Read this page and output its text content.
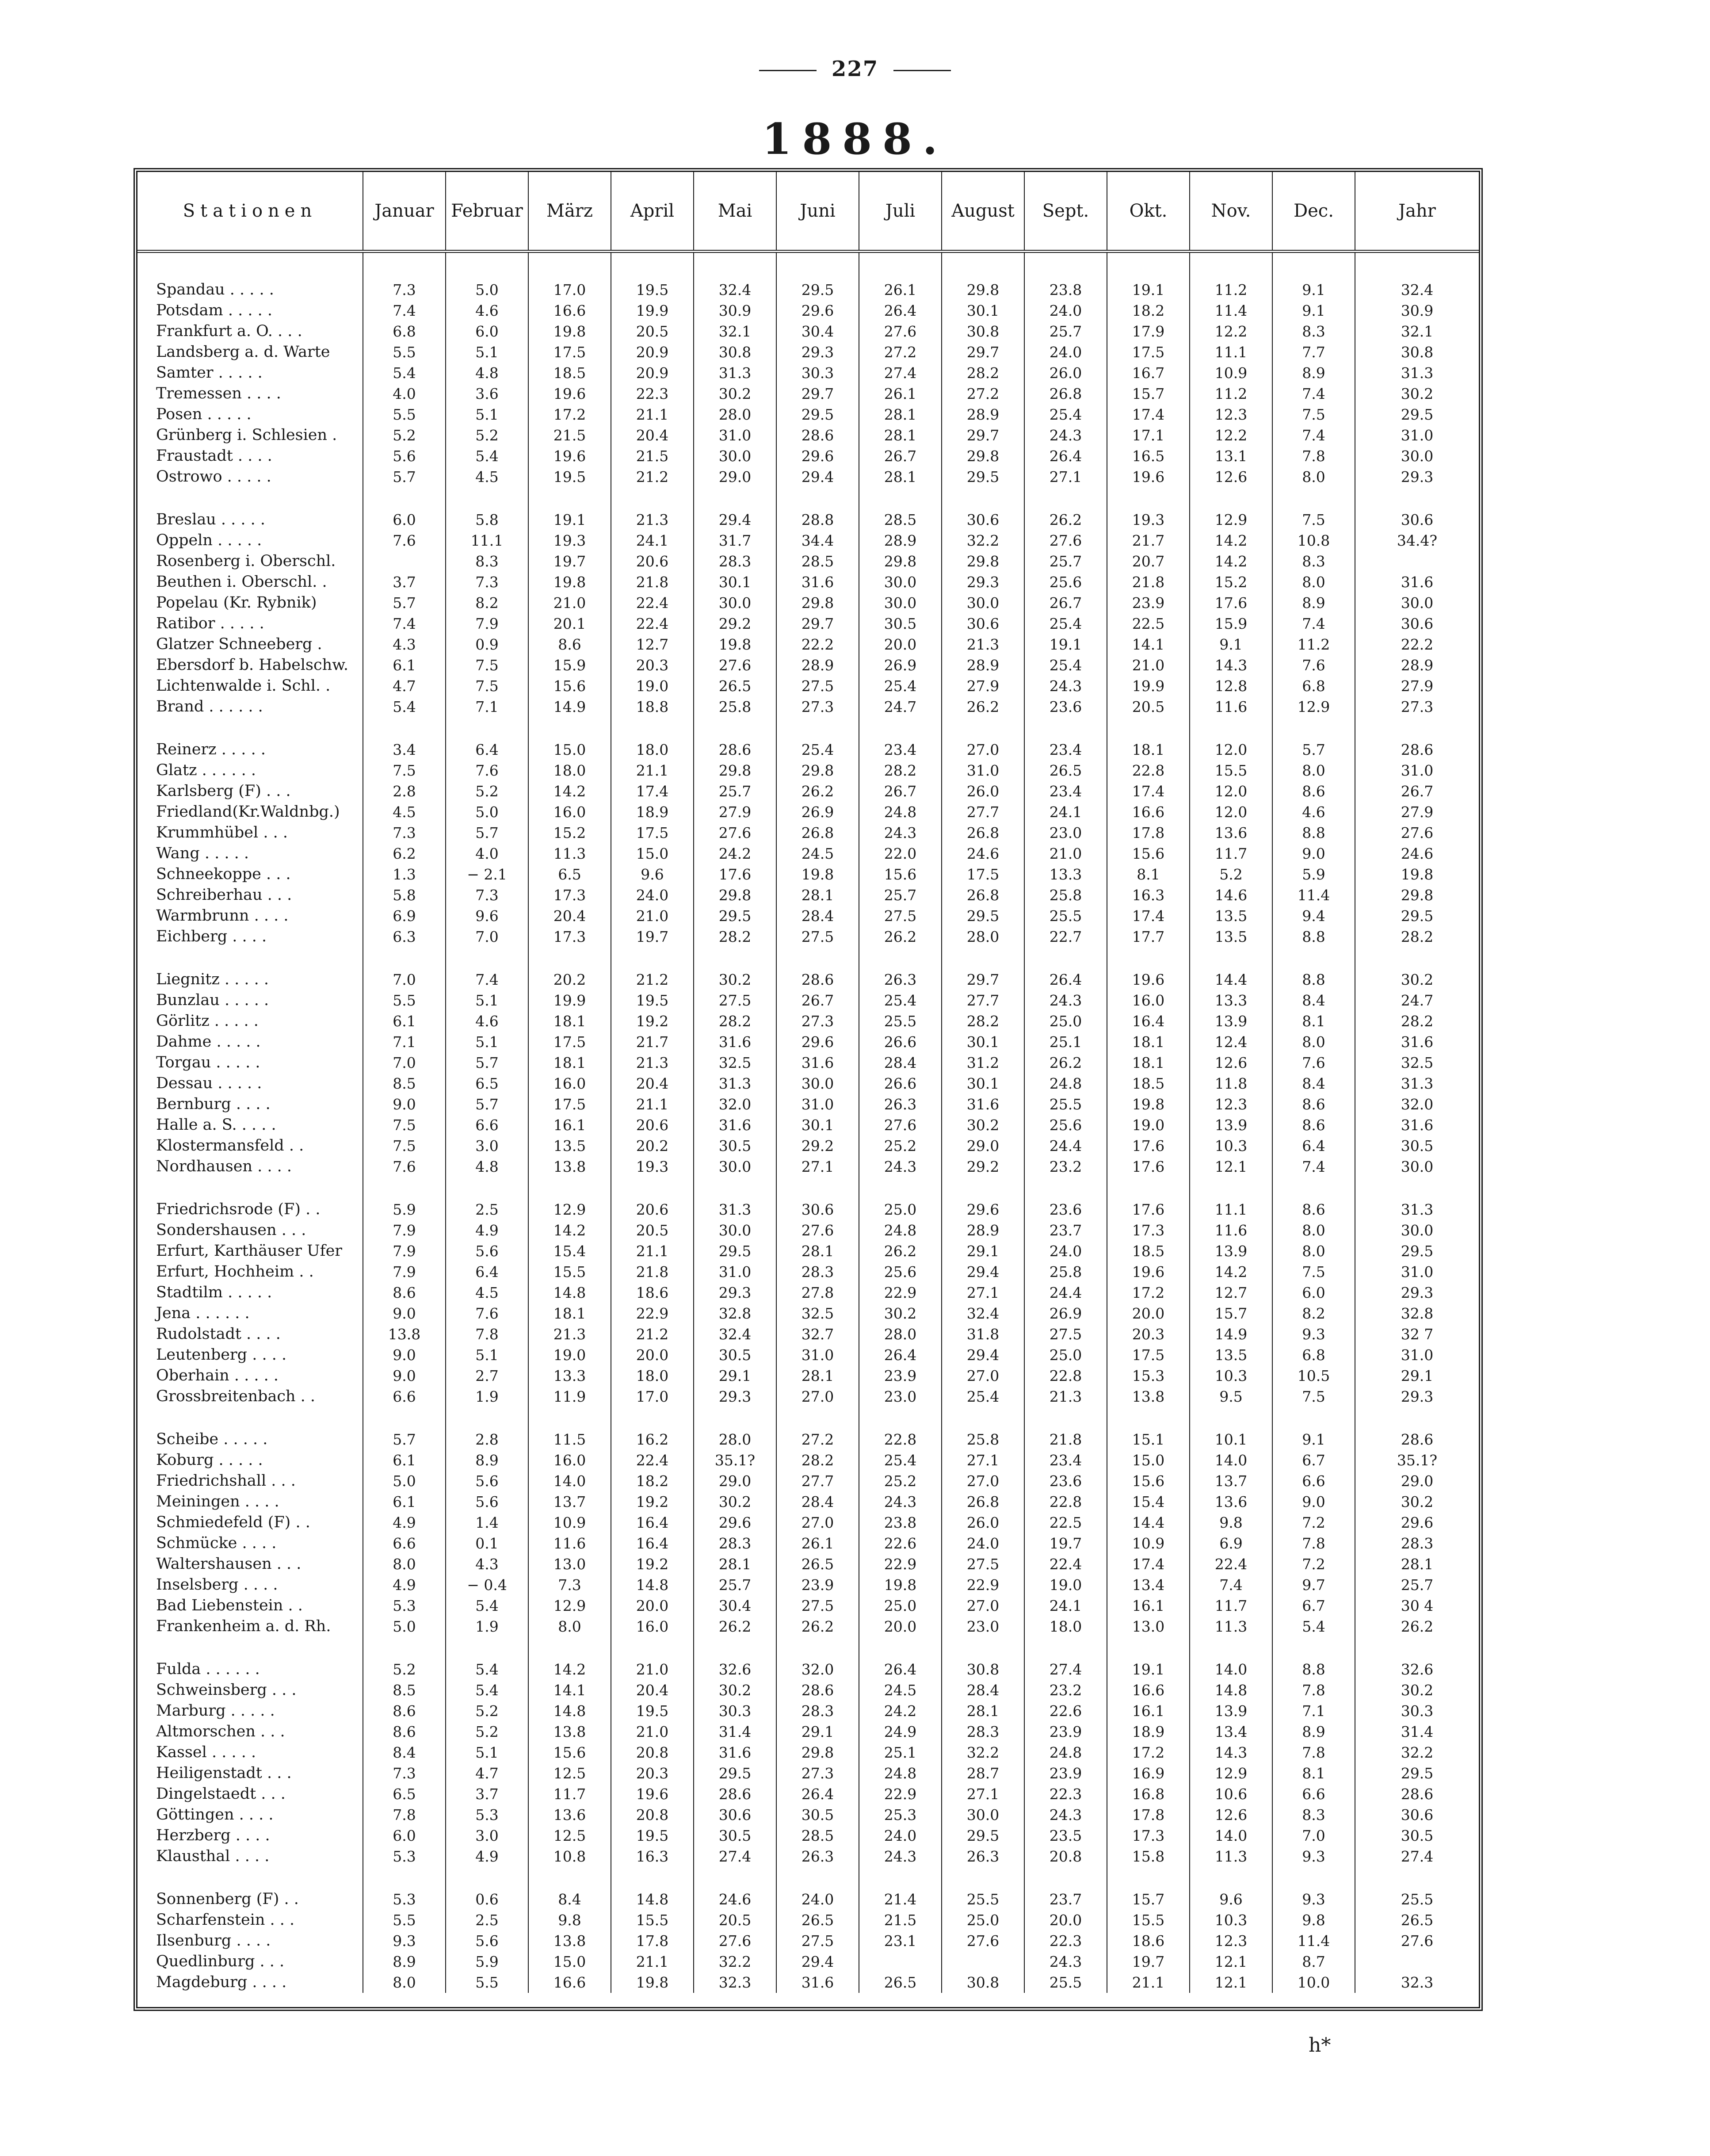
227
1888.
Stationen	Januar	Februar	März	April	Mai	Juni	Juli	August	Sept.	Okt.	Nov.	Dec.	Jahr

Spandau . . . . .	7.3	5.0	17.0	19.5	32.4	29.5	26.1	29.8	23.8	19.1	11.2	9.1	32.4
Potsdam . . . . .	7.4	4.6	16.6	19.9	30.9	29.6	26.4	30.1	24.0	18.2	11.4	9.1	30.9
Frankfurt a. O. . . .	6.8	6.0	19.8	20.5	32.1	30.4	27.6	30.8	25.7	17.9	12.2	8.3	32.1
Landsberg a. d. Warte	5.5	5.1	17.5	20.9	30.8	29.3	27.2	29.7	24.0	17.5	11.1	7.7	30.8
Samter . . . . .	5.4	4.8	18.5	20.9	31.3	30.3	27.4	28.2	26.0	16.7	10.9	8.9	31.3
Tremessen . . . .	4.0	3.6	19.6	22.3	30.2	29.7	26.1	27.2	26.8	15.7	11.2	7.4	30.2
Posen . . . . .	5.5	5.1	17.2	21.1	28.0	29.5	28.1	28.9	25.4	17.4	12.3	7.5	29.5
Grünberg i. Schlesien .	5.2	5.2	21.5	20.4	31.0	28.6	28.1	29.7	24.3	17.1	12.2	7.4	31.0
Fraustadt . . . .	5.6	5.4	19.6	21.5	30.0	29.6	26.7	29.8	26.4	16.5	13.1	7.8	30.0
Ostrowo . . . . .	5.7	4.5	19.5	21.2	29.0	29.4	28.1	29.5	27.1	19.6	12.6	8.0	29.3

Breslau . . . . .	6.0	5.8	19.1	21.3	29.4	28.8	28.5	30.6	26.2	19.3	12.9	7.5	30.6
Oppeln . . . . .	7.6	11.1	19.3	24.1	31.7	34.4	28.9	32.2	27.6	21.7	14.2	10.8	34.4?
Rosenberg i. Oberschl.		8.3	19.7	20.6	28.3	28.5	29.8	29.8	25.7	20.7	14.2	8.3	
Beuthen i. Oberschl. .	3.7	7.3	19.8	21.8	30.1	31.6	30.0	29.3	25.6	21.8	15.2	8.0	31.6
Popelau (Kr. Rybnik)	5.7	8.2	21.0	22.4	30.0	29.8	30.0	30.0	26.7	23.9	17.6	8.9	30.0
Ratibor . . . . .	7.4	7.9	20.1	22.4	29.2	29.7	30.5	30.6	25.4	22.5	15.9	7.4	30.6
Glatzer Schneeberg .	4.3	0.9	8.6	12.7	19.8	22.2	20.0	21.3	19.1	14.1	9.1	11.2	22.2
Ebersdorf b. Habelschw.	6.1	7.5	15.9	20.3	27.6	28.9	26.9	28.9	25.4	21.0	14.3	7.6	28.9
Lichtenwalde i. Schl. .	4.7	7.5	15.6	19.0	26.5	27.5	25.4	27.9	24.3	19.9	12.8	6.8	27.9
Brand . . . . . .	5.4	7.1	14.9	18.8	25.8	27.3	24.7	26.2	23.6	20.5	11.6	12.9	27.3

Reinerz . . . . .	3.4	6.4	15.0	18.0	28.6	25.4	23.4	27.0	23.4	18.1	12.0	5.7	28.6
Glatz . . . . . .	7.5	7.6	18.0	21.1	29.8	29.8	28.2	31.0	26.5	22.8	15.5	8.0	31.0
Karlsberg (F) . . .	2.8	5.2	14.2	17.4	25.7	26.2	26.7	26.0	23.4	17.4	12.0	8.6	26.7
Friedland(Kr.Waldnbg.)	4.5	5.0	16.0	18.9	27.9	26.9	24.8	27.7	24.1	16.6	12.0	4.6	27.9
Krummhübel . . .	7.3	5.7	15.2	17.5	27.6	26.8	24.3	26.8	23.0	17.8	13.6	8.8	27.6
Wang . . . . .	6.2	4.0	11.3	15.0	24.2	24.5	22.0	24.6	21.0	15.6	11.7	9.0	24.6
Schneekoppe . . .	1.3	− 2.1	6.5	9.6	17.6	19.8	15.6	17.5	13.3	8.1	5.2	5.9	19.8
Schreiberhau . . .	5.8	7.3	17.3	24.0	29.8	28.1	25.7	26.8	25.8	16.3	14.6	11.4	29.8
Warmbrunn . . . .	6.9	9.6	20.4	21.0	29.5	28.4	27.5	29.5	25.5	17.4	13.5	9.4	29.5
Eichberg . . . .	6.3	7.0	17.3	19.7	28.2	27.5	26.2	28.0	22.7	17.7	13.5	8.8	28.2

Liegnitz . . . . .	7.0	7.4	20.2	21.2	30.2	28.6	26.3	29.7	26.4	19.6	14.4	8.8	30.2
Bunzlau . . . . .	5.5	5.1	19.9	19.5	27.5	26.7	25.4	27.7	24.3	16.0	13.3	8.4	24.7
Görlitz . . . . .	6.1	4.6	18.1	19.2	28.2	27.3	25.5	28.2	25.0	16.4	13.9	8.1	28.2
Dahme . . . . .	7.1	5.1	17.5	21.7	31.6	29.6	26.6	30.1	25.1	18.1	12.4	8.0	31.6
Torgau . . . . .	7.0	5.7	18.1	21.3	32.5	31.6	28.4	31.2	26.2	18.1	12.6	7.6	32.5
Dessau . . . . .	8.5	6.5	16.0	20.4	31.3	30.0	26.6	30.1	24.8	18.5	11.8	8.4	31.3
Bernburg . . . .	9.0	5.7	17.5	21.1	32.0	31.0	26.3	31.6	25.5	19.8	12.3	8.6	32.0
Halle a. S. . . . .	7.5	6.6	16.1	20.6	31.6	30.1	27.6	30.2	25.6	19.0	13.9	8.6	31.6
Klostermansfeld . .	7.5	3.0	13.5	20.2	30.5	29.2	25.2	29.0	24.4	17.6	10.3	6.4	30.5
Nordhausen . . . .	7.6	4.8	13.8	19.3	30.0	27.1	24.3	29.2	23.2	17.6	12.1	7.4	30.0

Friedrichsrode (F) . .	5.9	2.5	12.9	20.6	31.3	30.6	25.0	29.6	23.6	17.6	11.1	8.6	31.3
Sondershausen . . .	7.9	4.9	14.2	20.5	30.0	27.6	24.8	28.9	23.7	17.3	11.6	8.0	30.0
Erfurt, Karthäuser Ufer	7.9	5.6	15.4	21.1	29.5	28.1	26.2	29.1	24.0	18.5	13.9	8.0	29.5
Erfurt, Hochheim . .	7.9	6.4	15.5	21.8	31.0	28.3	25.6	29.4	25.8	19.6	14.2	7.5	31.0
Stadtilm . . . . .	8.6	4.5	14.8	18.6	29.3	27.8	22.9	27.1	24.4	17.2	12.7	6.0	29.3
Jena . . . . . .	9.0	7.6	18.1	22.9	32.8	32.5	30.2	32.4	26.9	20.0	15.7	8.2	32.8
Rudolstadt . . . .	13.8	7.8	21.3	21.2	32.4	32.7	28.0	31.8	27.5	20.3	14.9	9.3	32 7
Leutenberg . . . .	9.0	5.1	19.0	20.0	30.5	31.0	26.4	29.4	25.0	17.5	13.5	6.8	31.0
Oberhain . . . . .	9.0	2.7	13.3	18.0	29.1	28.1	23.9	27.0	22.8	15.3	10.3	10.5	29.1
Grossbreitenbach . .	6.6	1.9	11.9	17.0	29.3	27.0	23.0	25.4	21.3	13.8	9.5	7.5	29.3

Scheibe . . . . .	5.7	2.8	11.5	16.2	28.0	27.2	22.8	25.8	21.8	15.1	10.1	9.1	28.6
Koburg . . . . .	6.1	8.9	16.0	22.4	35.1?	28.2	25.4	27.1	23.4	15.0	14.0	6.7	35.1?
Friedrichshall . . .	5.0	5.6	14.0	18.2	29.0	27.7	25.2	27.0	23.6	15.6	13.7	6.6	29.0
Meiningen . . . .	6.1	5.6	13.7	19.2	30.2	28.4	24.3	26.8	22.8	15.4	13.6	9.0	30.2
Schmiedefeld (F) . .	4.9	1.4	10.9	16.4	29.6	27.0	23.8	26.0	22.5	14.4	9.8	7.2	29.6
Schmücke . . . .	6.6	0.1	11.6	16.4	28.3	26.1	22.6	24.0	19.7	10.9	6.9	7.8	28.3
Waltershausen . . .	8.0	4.3	13.0	19.2	28.1	26.5	22.9	27.5	22.4	17.4	22.4	7.2	28.1
Inselsberg . . . .	4.9	− 0.4	7.3	14.8	25.7	23.9	19.8	22.9	19.0	13.4	7.4	9.7	25.7
Bad Liebenstein . .	5.3	5.4	12.9	20.0	30.4	27.5	25.0	27.0	24.1	16.1	11.7	6.7	30 4
Frankenheim a. d. Rh.	5.0	1.9	8.0	16.0	26.2	26.2	20.0	23.0	18.0	13.0	11.3	5.4	26.2

Fulda . . . . . .	5.2	5.4	14.2	21.0	32.6	32.0	26.4	30.8	27.4	19.1	14.0	8.8	32.6
Schweinsberg . . .	8.5	5.4	14.1	20.4	30.2	28.6	24.5	28.4	23.2	16.6	14.8	7.8	30.2
Marburg . . . . .	8.6	5.2	14.8	19.5	30.3	28.3	24.2	28.1	22.6	16.1	13.9	7.1	30.3
Altmorschen . . .	8.6	5.2	13.8	21.0	31.4	29.1	24.9	28.3	23.9	18.9	13.4	8.9	31.4
Kassel . . . . .	8.4	5.1	15.6	20.8	31.6	29.8	25.1	32.2	24.8	17.2	14.3	7.8	32.2
Heiligenstadt . . .	7.3	4.7	12.5	20.3	29.5	27.3	24.8	28.7	23.9	16.9	12.9	8.1	29.5
Dingelstaedt . . .	6.5	3.7	11.7	19.6	28.6	26.4	22.9	27.1	22.3	16.8	10.6	6.6	28.6
Göttingen . . . .	7.8	5.3	13.6	20.8	30.6	30.5	25.3	30.0	24.3	17.8	12.6	8.3	30.6
Herzberg . . . .	6.0	3.0	12.5	19.5	30.5	28.5	24.0	29.5	23.5	17.3	14.0	7.0	30.5
Klausthal . . . .	5.3	4.9	10.8	16.3	27.4	26.3	24.3	26.3	20.8	15.8	11.3	9.3	27.4

Sonnenberg (F) . .	5.3	0.6	8.4	14.8	24.6	24.0	21.4	25.5	23.7	15.7	9.6	9.3	25.5
Scharfenstein . . .	5.5	2.5	9.8	15.5	20.5	26.5	21.5	25.0	20.0	15.5	10.3	9.8	26.5
Ilsenburg . . . .	9.3	5.6	13.8	17.8	27.6	27.5	23.1	27.6	22.3	18.6	12.3	11.4	27.6
Quedlinburg . . .	8.9	5.9	15.0	21.1	32.2	29.4			24.3	19.7	12.1	8.7	
Magdeburg . . . .	8.0	5.5	16.6	19.8	32.3	31.6	26.5	30.8	25.5	21.1	12.1	10.0	32.3
h*
